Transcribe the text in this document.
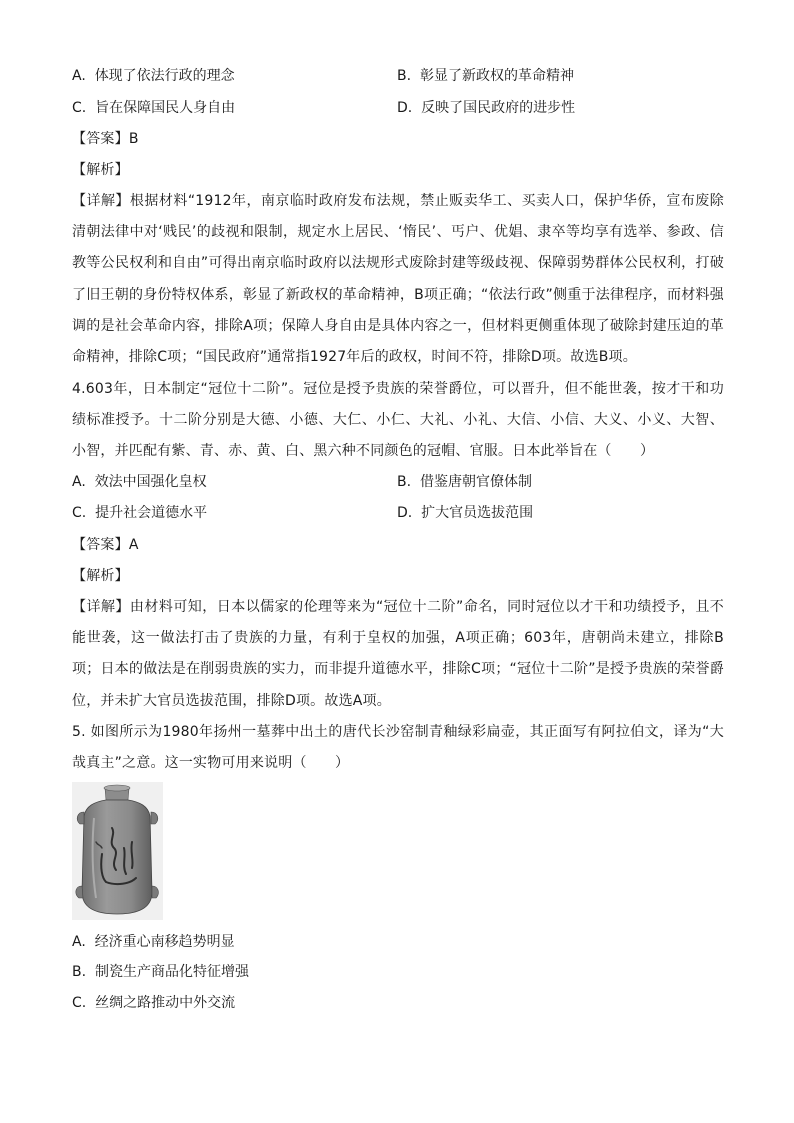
A. 体现了依法行政的理念	B. 彰显了新政权的革命精神
C. 旨在保障国民人身自由	D. 反映了国民政府的进步性
【答案】B
【解析】
【详解】根据材料“1912年，南京临时政府发布法规，禁止贩卖华工、买卖人口，保护华侨，宣布废除清朝法律中对‘贱民’的歧视和限制，规定水上居民、‘惰民’、丐户、优娼、隶卒等均享有选举、参政、信教等公民权利和自由”可得出南京临时政府以法规形式废除封建等级歧视、保障弱势群体公民权利，打破了旧王朝的身份特权体系，彰显了新政权的革命精神，B项正确；“依法行政”侧重于法律程序，而材料强调的是社会革命内容，排除A项；保障人身自由是具体内容之一，但材料更侧重体现了破除封建压迫的革命精神，排除C项；“国民政府”通常指1927年后的政权，时间不符，排除D项。故选B项。
4.603年，日本制定“冠位十二阶”。冠位是授予贵族的荣誉爵位，可以晋升，但不能世袭，按才干和功绩标准授予。十二阶分别是大德、小德、大仁、小仁、大礼、小礼、大信、小信、大义、小义、大智、小智，并匹配有紫、青、赤、黄、白、黑六种不同颜色的冠帽、官服。日本此举旨在（　　）
A. 效法中国强化皇权	B. 借鉴唐朝官僚体制
C. 提升社会道德水平	D. 扩大官员选拔范围
【答案】A
【解析】
【详解】由材料可知，日本以儒家的伦理等来为“冠位十二阶”命名，同时冠位以才干和功绩授予，且不能世袭，这一做法打击了贵族的力量，有利于皇权的加强，A项正确；603年，唐朝尚未建立，排除B项；日本的做法是在削弱贵族的实力，而非提升道德水平，排除C项；“冠位十二阶”是授予贵族的荣誉爵位，并未扩大官员选拔范围，排除D项。故选A项。
5. 如图所示为1980年扬州一墓葬中出土的唐代长沙窑制青釉绿彩扁壶，其正面写有阿拉伯文，译为“大哉真主”之意。这一实物可用来说明（　　）
A. 经济重心南移趋势明显
B. 制瓷生产商品化特征增强
C. 丝绸之路推动中外交流
